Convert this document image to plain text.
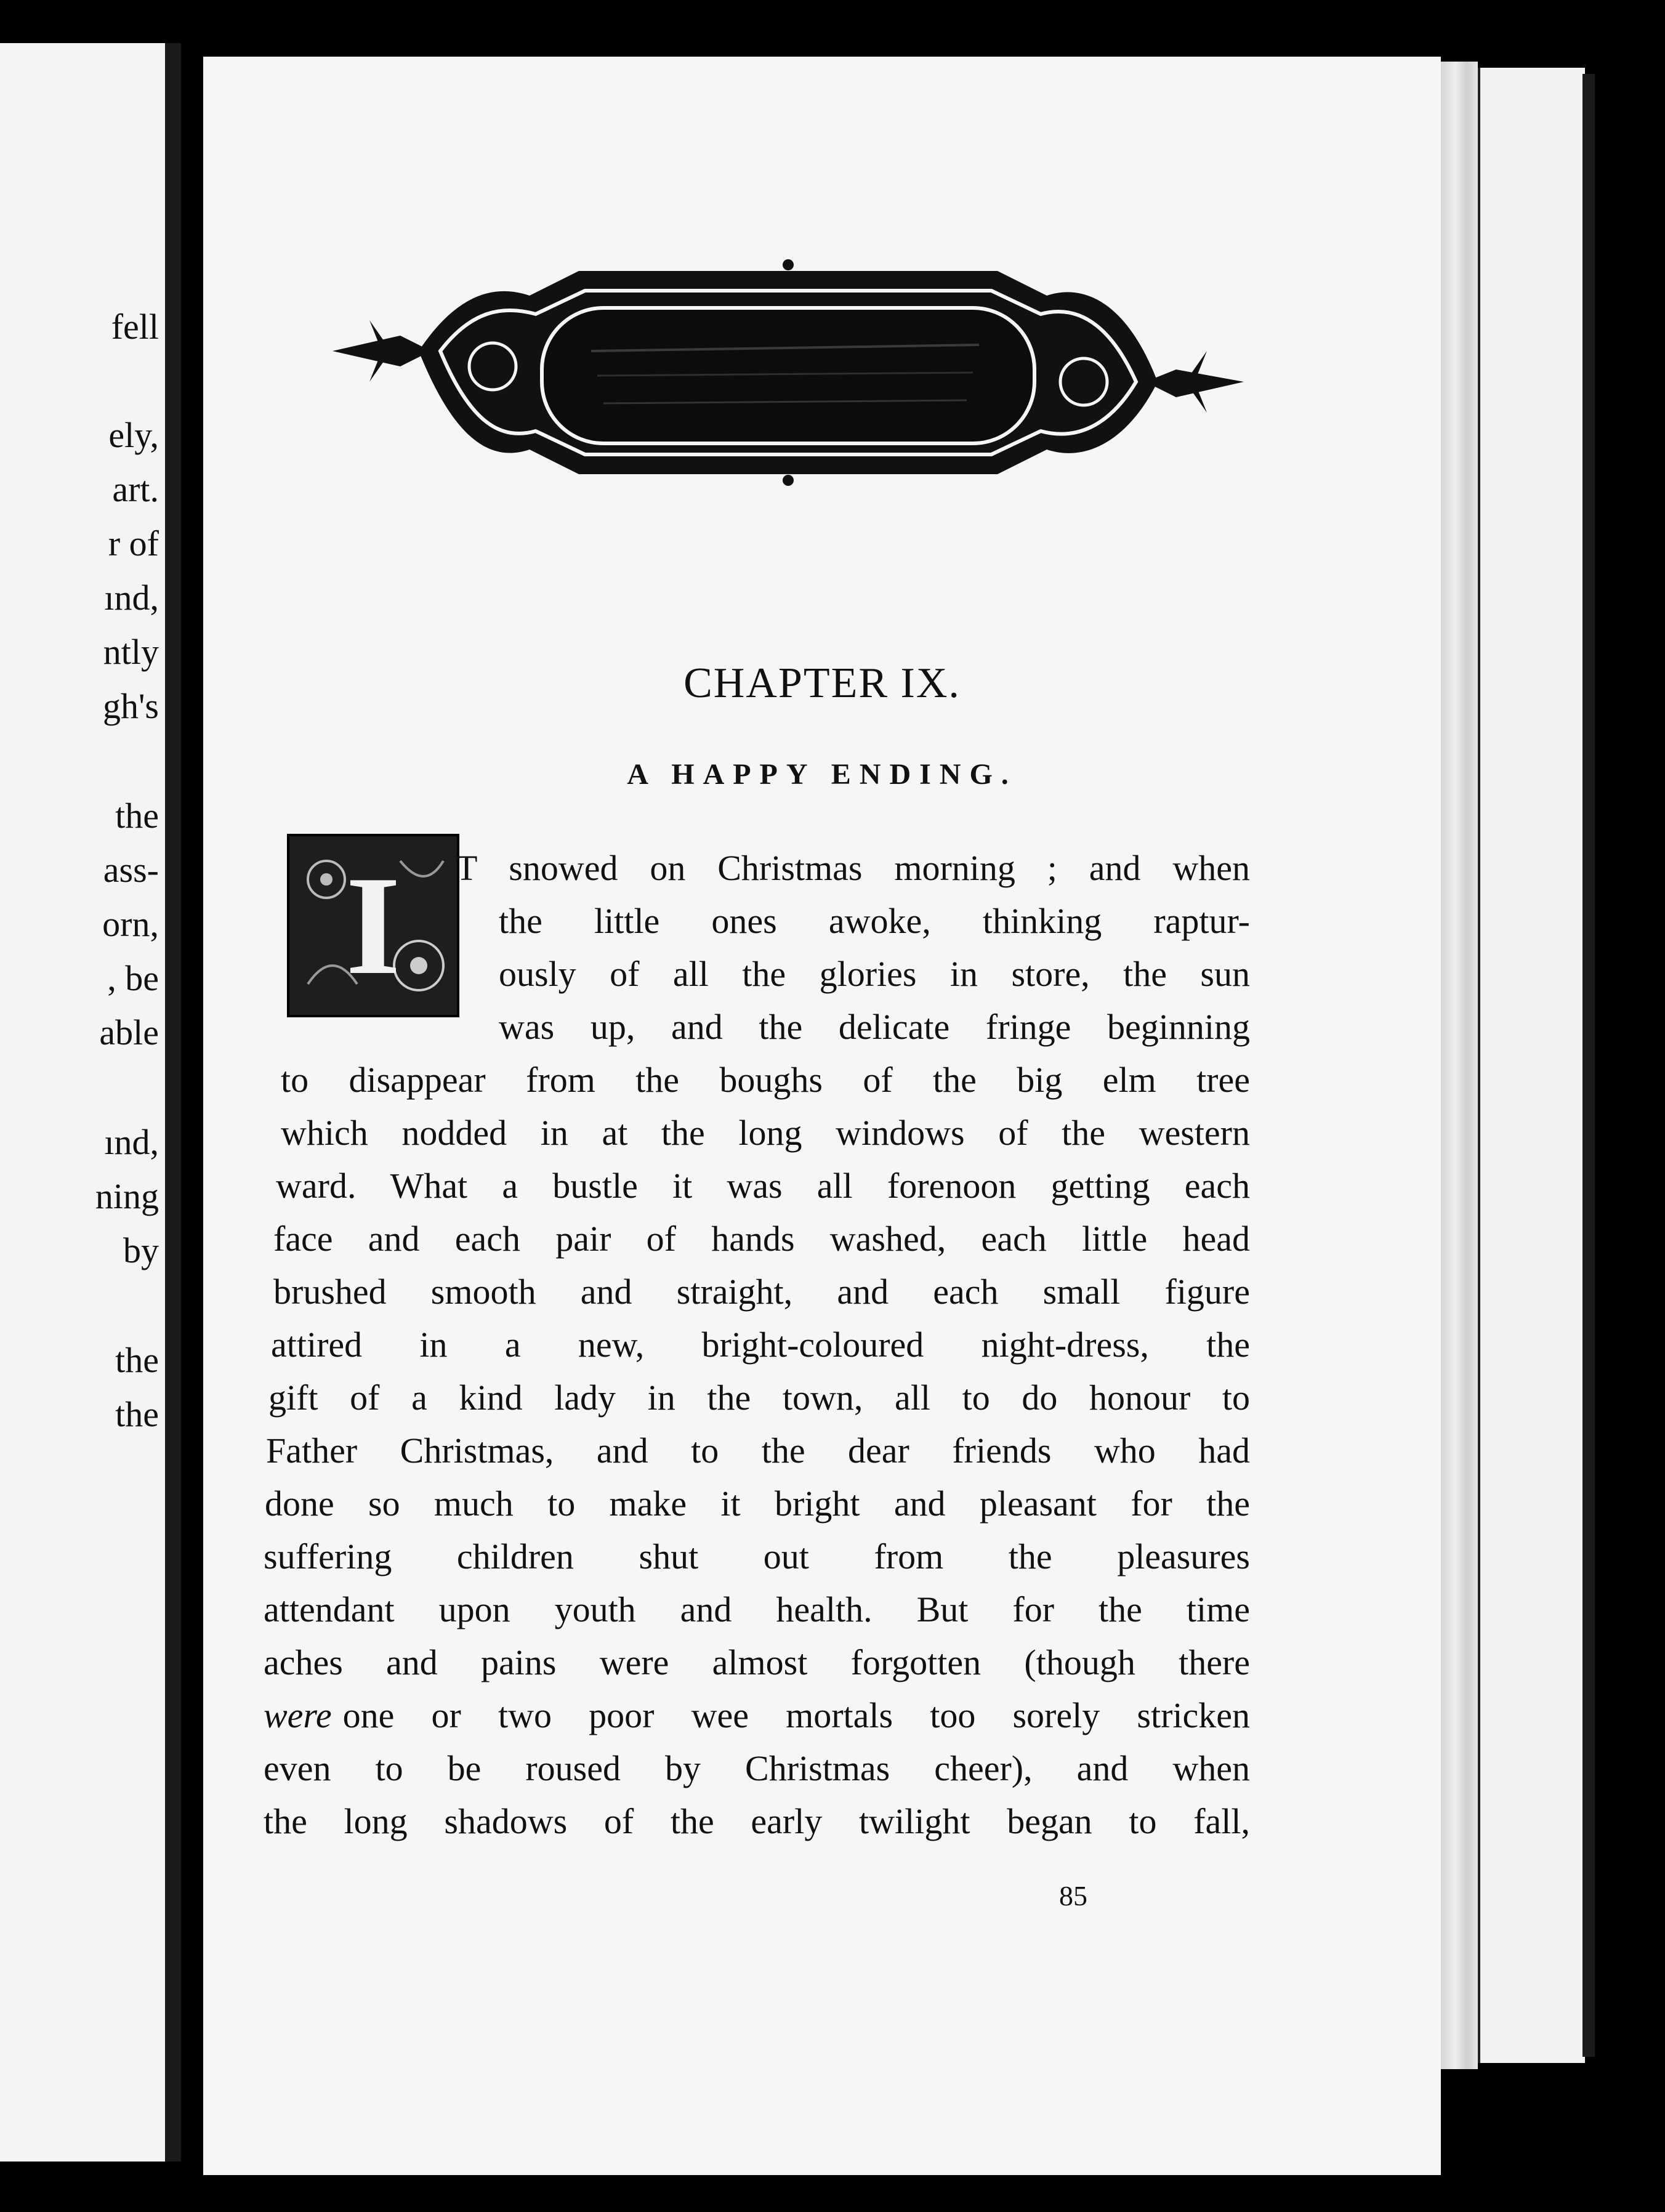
fell
ely,
art.
r of
ınd,
ntly
gh's
the
ass-
orn,
, be
able
ınd,
ning
by
the
the
CHAPTER IX.
A HAPPY ENDING.
I	T snowed on Christmas morning ; and when
the little ones awoke, thinking raptur-
ously of all the glories in store, the sun
was up, and the delicate fringe beginning
to disappear from the boughs of the big elm tree
which nodded in at the long windows of the western
ward. What a bustle it was all forenoon getting each
face and each pair of hands washed, each little head
brushed smooth and straight, and each small figure
attired in a new, bright-coloured night-dress, the
gift of a kind lady in the town, all to do honour to
Father Christmas, and to the dear friends who had
done so much to make it bright and pleasant for the
suffering children shut out from the pleasures
attendant upon youth and health. But for the time
aches and pains were almost forgotten (though there
were one or two poor wee mortals too sorely stricken
even to be roused by Christmas cheer), and when
the long shadows of the early twilight began to fall,
85
